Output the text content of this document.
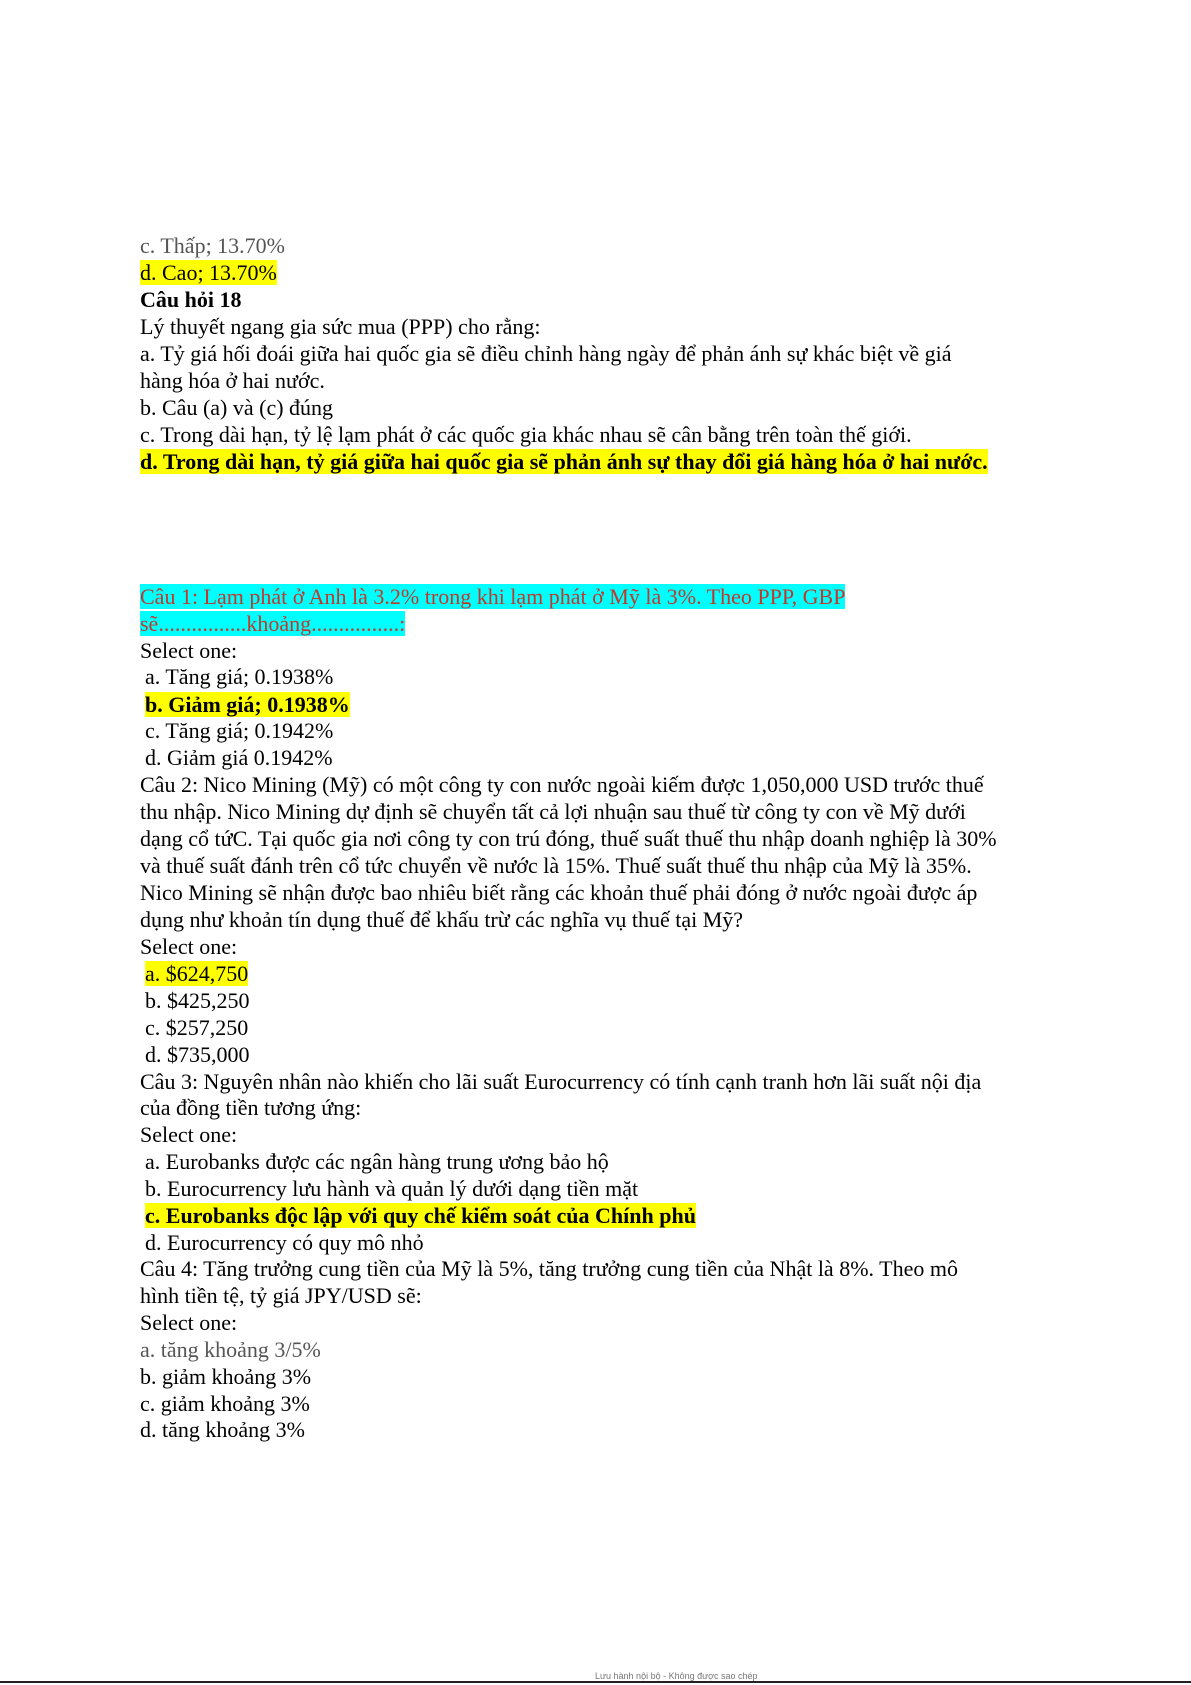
c. Thấp; 13.70%
d. Cao; 13.70%
Câu hỏi 18
Lý thuyết ngang gia sức mua (PPP) cho rằng:
a. Tỷ giá hối đoái giữa hai quốc gia sẽ điều chỉnh hàng ngày để phản ánh sự khác biệt về giá
hàng hóa ở hai nước.
b. Câu (a) và (c) đúng
c. Trong dài hạn, tỷ lệ lạm phát ở các quốc gia khác nhau sẽ cân bằng trên toàn thế giới.
d. Trong dài hạn, tỷ giá giữa hai quốc gia sẽ phản ánh sự thay đổi giá hàng hóa ở hai nước.
Câu 1: Lạm phát ở Anh là 3.2% trong khi lạm phát ở Mỹ là 3%. Theo PPP, GBP
sẽ................khoảng................:
Select one:
a. Tăng giá; 0.1938%
b. Giảm giá; 0.1938%
c. Tăng giá; 0.1942%
d. Giảm giá 0.1942%
Câu 2: Nico Mining (Mỹ) có một công ty con nước ngoài kiếm được 1,050,000 USD trước thuế
thu nhập. Nico Mining dự định sẽ chuyển tất cả lợi nhuận sau thuế từ công ty con về Mỹ dưới
dạng cổ tứC. Tại quốc gia nơi công ty con trú đóng, thuế suất thuế thu nhập doanh nghiệp là 30%
và thuế suất đánh trên cổ tức chuyển về nước là 15%. Thuế suất thuế thu nhập của Mỹ là 35%.
Nico Mining sẽ nhận được bao nhiêu biết rằng các khoản thuế phải đóng ở nước ngoài được áp
dụng như khoản tín dụng thuế để khấu trừ các nghĩa vụ thuế tại Mỹ?
Select one:
a. $624,750
b. $425,250
c. $257,250
d. $735,000
Câu 3: Nguyên nhân nào khiến cho lãi suất Eurocurrency có tính cạnh tranh hơn lãi suất nội địa
của đồng tiền tương ứng:
Select one:
a. Eurobanks được các ngân hàng trung ương bảo hộ
b. Eurocurrency lưu hành và quản lý dưới dạng tiền mặt
c. Eurobanks độc lập với quy chế kiểm soát của Chính phủ
d. Eurocurrency có quy mô nhỏ
Câu 4: Tăng trưởng cung tiền của Mỹ là 5%, tăng trưởng cung tiền của Nhật là 8%. Theo mô
hình tiền tệ, tỷ giá JPY/USD sẽ:
Select one:
a. tăng khoảng 3/5%
b. giảm khoảng 3%
c. giảm khoảng 3%
d. tăng khoảng 3%
Lưu hành nội bộ - Không được sao chép
